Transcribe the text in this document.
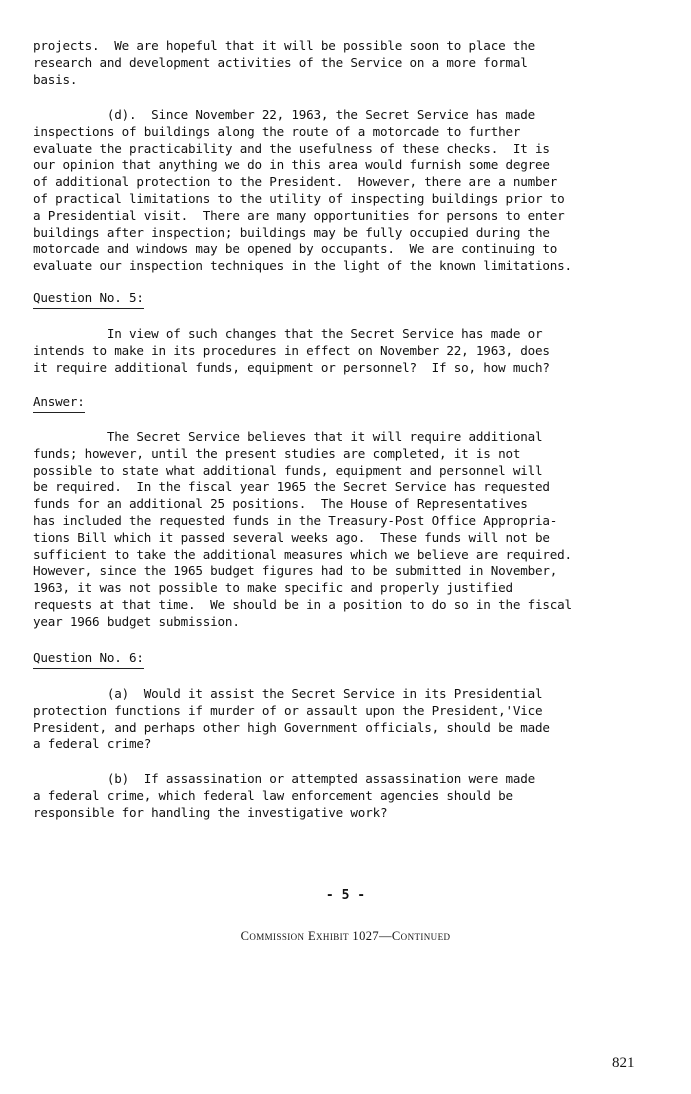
projects.  We are hopeful that it will be possible soon to place the
research and development activities of the Service on a more formal
basis.
(d).  Since November 22, 1963, the Secret Service has made
inspections of buildings along the route of a motorcade to further
evaluate the practicability and the usefulness of these checks.  It is
our opinion that anything we do in this area would furnish some degree
of additional protection to the President.  However, there are a number
of practical limitations to the utility of inspecting buildings prior to
a Presidential visit.  There are many opportunities for persons to enter
buildings after inspection; buildings may be fully occupied during the
motorcade and windows may be opened by occupants.  We are continuing to
evaluate our inspection techniques in the light of the known limitations.
Question No. 5:
In view of such changes that the Secret Service has made or
intends to make in its procedures in effect on November 22, 1963, does
it require additional funds, equipment or personnel?  If so, how much?
Answer:
The Secret Service believes that it will require additional
funds; however, until the present studies are completed, it is not
possible to state what additional funds, equipment and personnel will
be required.  In the fiscal year 1965 the Secret Service has requested
funds for an additional 25 positions.  The House of Representatives
has included the requested funds in the Treasury-Post Office Appropria-
tions Bill which it passed several weeks ago.  These funds will not be
sufficient to take the additional measures which we believe are required.
However, since the 1965 budget figures had to be submitted in November,
1963, it was not possible to make specific and properly justified
requests at that time.  We should be in a position to do so in the fiscal
year 1966 budget submission.
Question No. 6:
(a)  Would it assist the Secret Service in its Presidential
protection functions if murder of or assault upon the President,'Vice
President, and perhaps other high Government officials, should be made
a federal crime?
(b)  If assassination or attempted assassination were made
a federal crime, which federal law enforcement agencies should be
responsible for handling the investigative work?
- 5 -
Commission Exhibit 1027—Continued
821
